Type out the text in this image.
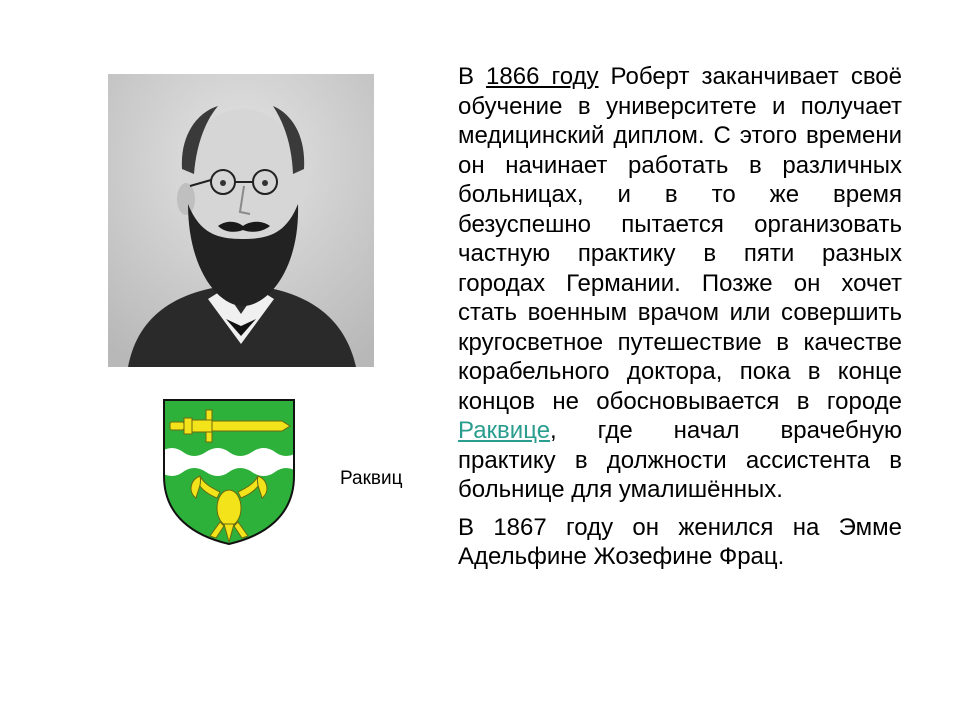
Раквиц

В 1866 году Роберт заканчивает своё обучение в университете и получает медицинский диплом. С этого времени он начинает работать в различных больницах, и в то же время безуспешно пытается организовать частную практику в пяти разных городах Германии. Позже он хочет стать военным врачом или совершить кругосветное путешествие в качестве корабельного доктора, пока в конце концов не обосновывается в городе Раквице, где начал врачебную практику в должности ассистента в больнице для умалишённых.

В 1867 году он женился на Эмме Адельфине Жозефине Фрац.
